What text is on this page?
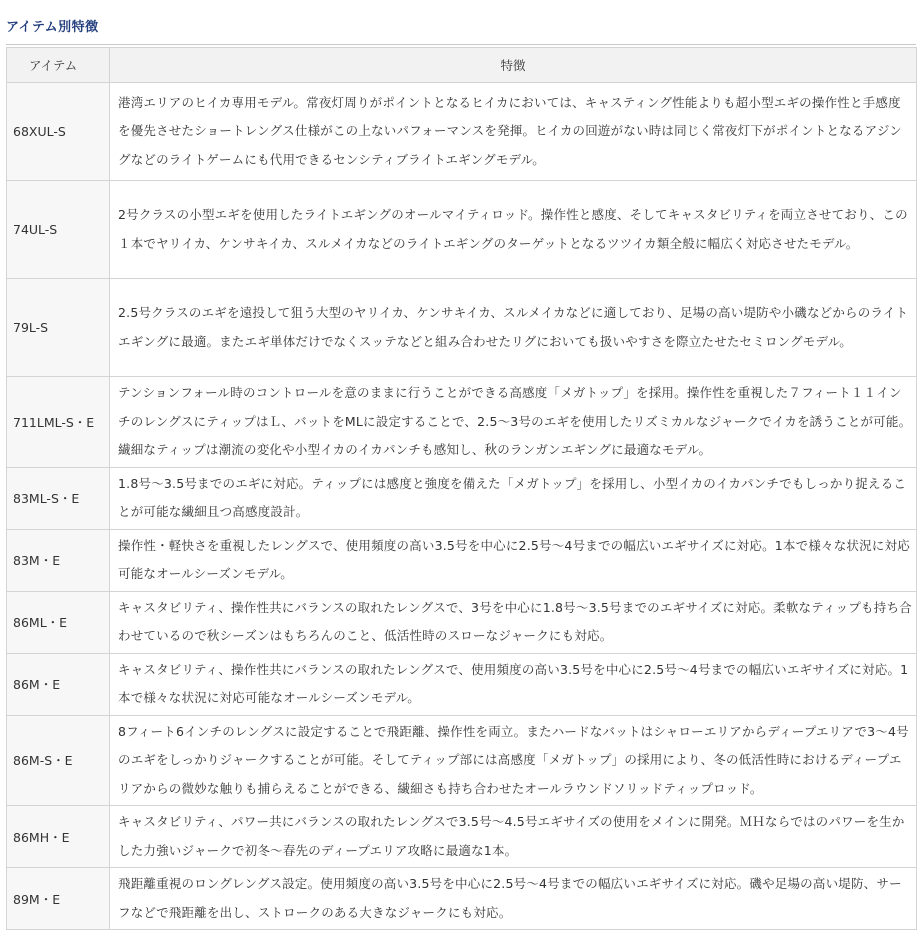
アイテム別特徴
アイテム	特徴
68XUL-S	港湾エリアのヒイカ専用モデル。常夜灯周りがポイントとなるヒイカにおいては、キャスティング性能よりも超小型エギの操作性と手感度を優先させたショートレングス仕様がこの上ないパフォーマンスを発揮。ヒイカの回遊がない時は同じく常夜灯下がポイントとなるアジングなどのライトゲームにも代用できるセンシティブライトエギングモデル。
74UL-S	2号クラスの小型エギを使用したライトエギングのオールマイティロッド。操作性と感度、そしてキャスタビリティを両立させており、この１本でヤリイカ、ケンサキイカ、スルメイカなどのライトエギングのターゲットとなるツツイカ類全般に幅広く対応させたモデル。
79L-S	2.5号クラスのエギを遠投して狙う大型のヤリイカ、ケンサキイカ、スルメイカなどに適しており、足場の高い堤防や小磯などからのライトエギングに最適。またエギ単体だけでなくスッテなどと組み合わせたリグにおいても扱いやすさを際立たせたセミロングモデル。
711LML-S・E	テンションフォール時のコントロールを意のままに行うことができる高感度「メガトップ」を採用。操作性を重視した７フィート１１インチのレングスにティップはＬ、バットをMLに設定することで、2.5～3号のエギを使用したリズミカルなジャークでイカを誘うことが可能。繊細なティップは潮流の変化や小型イカのイカパンチも感知し、秋のランガンエギングに最適なモデル。
83ML-S・E	1.8号～3.5号までのエギに対応。ティップには感度と強度を備えた「メガトップ」を採用し、小型イカのイカパンチでもしっかり捉えることが可能な繊細且つ高感度設計。
83M・E	操作性・軽快さを重視したレングスで、使用頻度の高い3.5号を中心に2.5号～4号までの幅広いエギサイズに対応。1本で様々な状況に対応可能なオールシーズンモデル。
86ML・E	キャスタビリティ、操作性共にバランスの取れたレングスで、3号を中心に1.8号～3.5号までのエギサイズに対応。柔軟なティップも持ち合わせているので秋シーズンはもちろんのこと、低活性時のスローなジャークにも対応。
86M・E	キャスタビリティ、操作性共にバランスの取れたレングスで、使用頻度の高い3.5号を中心に2.5号～4号までの幅広いエギサイズに対応。1本で様々な状況に対応可能なオールシーズンモデル。
86M-S・E	8フィート6インチのレングスに設定することで飛距離、操作性を両立。またハードなバットはシャローエリアからディープエリアで3～4号のエギをしっかりジャークすることが可能。そしてティップ部には高感度「メガトップ」の採用により、冬の低活性時におけるディープエリアからの微妙な触りも捕らえることができる、繊細さも持ち合わせたオールラウンドソリッドティップロッド。
86MH・E	キャスタビリティ、パワー共にバランスの取れたレングスで3.5号～4.5号エギサイズの使用をメインに開発。ＭＨならではのパワーを生かした力強いジャークで初冬～春先のディープエリア攻略に最適な1本。
89M・E	飛距離重視のロングレングス設定。使用頻度の高い3.5号を中心に2.5号～4号までの幅広いエギサイズに対応。磯や足場の高い堤防、サーフなどで飛距離を出し、ストロークのある大きなジャークにも対応。
